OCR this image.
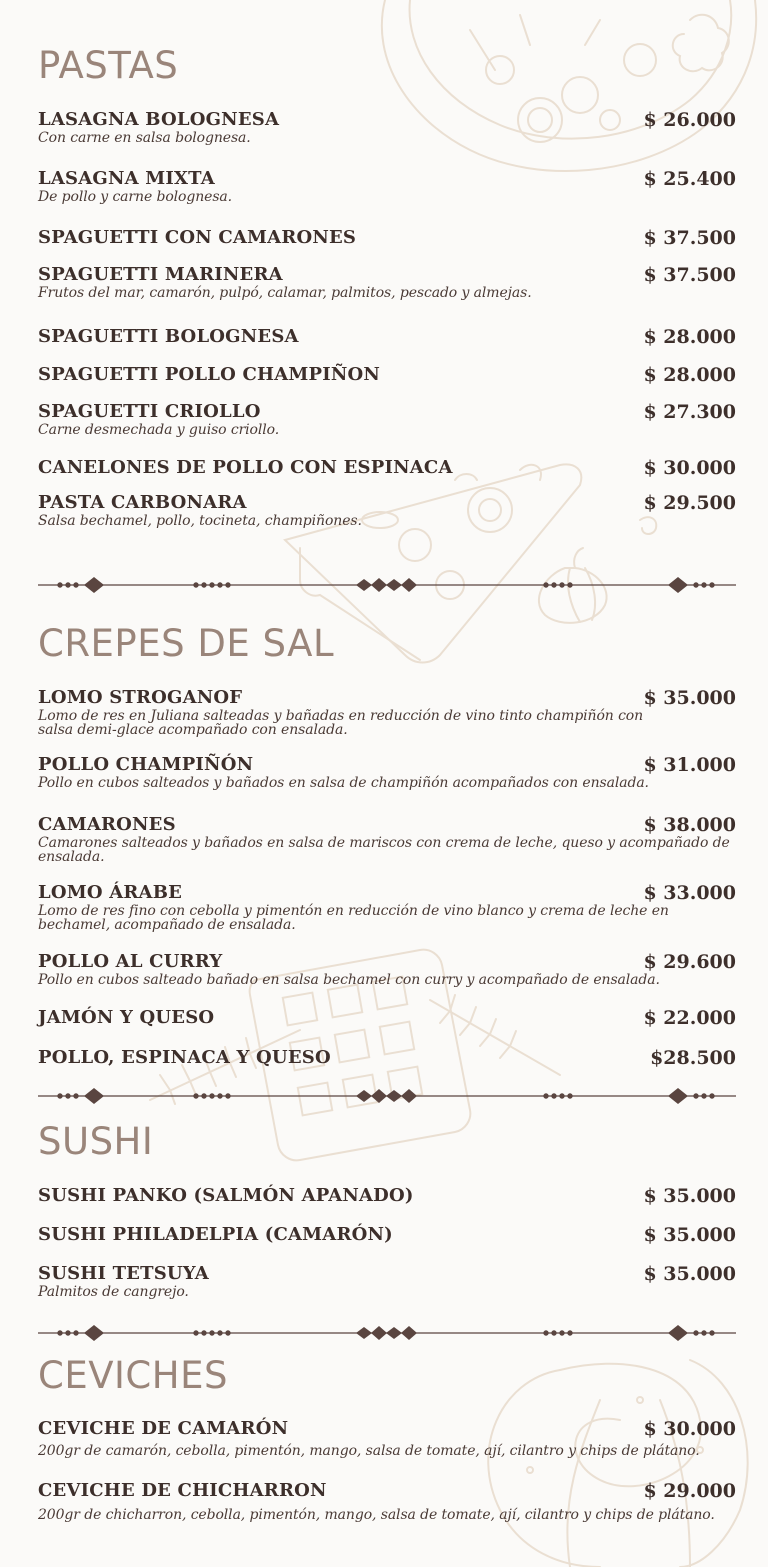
PASTAS
LASAGNA BOLOGNESA	$ 26.000
Con carne en salsa bolognesa.
LASAGNA MIXTA	$ 25.400
De pollo y carne bolognesa.
SPAGUETTI CON CAMARONES	$ 37.500
SPAGUETTI MARINERA	$ 37.500
Frutos del mar, camarón, pulpó, calamar, palmitos, pescado y almejas.
SPAGUETTI BOLOGNESA	$ 28.000
SPAGUETTI POLLO CHAMPIÑON	$ 28.000
SPAGUETTI CRIOLLO	$ 27.300
Carne desmechada y guiso criollo.
CANELONES DE POLLO CON ESPINACA	$ 30.000
PASTA CARBONARA	$ 29.500
Salsa bechamel, pollo, tocineta, champiñones.
CREPES DE SAL
LOMO STROGANOF	$ 35.000
Lomo de res en Juliana salteadas y bañadas en reducción de vino tinto champiñón con salsa demi-glace acompañado con ensalada.
POLLO CHAMPIÑÓN	$ 31.000
Pollo en cubos salteados y bañados en salsa de champiñón acompañados con ensalada.
CAMARONES	$ 38.000
Camarones salteados y bañados en salsa de mariscos con crema de leche, queso y acompañado de ensalada.
LOMO ÁRABE	$ 33.000
Lomo de res fino con cebolla y pimentón en reducción de vino blanco y crema de leche en bechamel, acompañado de ensalada.
POLLO AL CURRY	$ 29.600
Pollo en cubos salteado bañado en salsa bechamel con curry y acompañado de ensalada.
JAMÓN Y QUESO	$ 22.000
POLLO, ESPINACA Y QUESO	$28.500
SUSHI
SUSHI PANKO (SALMÓN APANADO)	$ 35.000
SUSHI PHILADELPIA (CAMARÓN)	$ 35.000
SUSHI TETSUYA	$ 35.000
Palmitos de cangrejo.
CEVICHES
CEVICHE DE CAMARÓN	$ 30.000
200gr de camarón, cebolla, pimentón, mango, salsa de tomate, ají, cilantro y chips de plátano.
CEVICHE DE CHICHARRON	$ 29.000
200gr de chicharron, cebolla, pimentón, mango, salsa de tomate, ají, cilantro y chips de plátano.
